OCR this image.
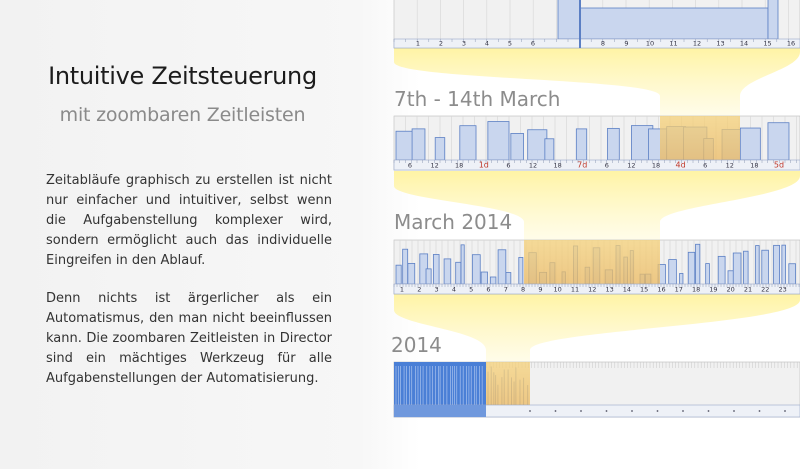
Intuitive Zeitsteuerung
mit zoombaren Zeitleisten
Zeitabläufe graphisch zu erstellen ist nicht nur einfacher und intuitiver, selbst wenn die Aufgabenstellung komplexer wird, sondern ermöglicht auch das individuelle Eingreifen in den Ablauf.
Denn nichts ist ärgerlicher als ein Automatismus, den man nicht beeinflussen kann. Die zoombaren Zeitleisten in Director sind ein mächtiges Werkzeug für alle Aufgabenstellungen der Automatisierung.
7th - 14th March
March 2014
2014
1	2	3	4	5	6	8	9	10 11 12 13 14 15 16
6	12	18 1d	6	12	18 7d	6	12	18 4d	6	12	18 5d
1 2 3 4 5 6 7 8 9 10 11 12 13 14 15 16 17 18 19 20 21 22 23
